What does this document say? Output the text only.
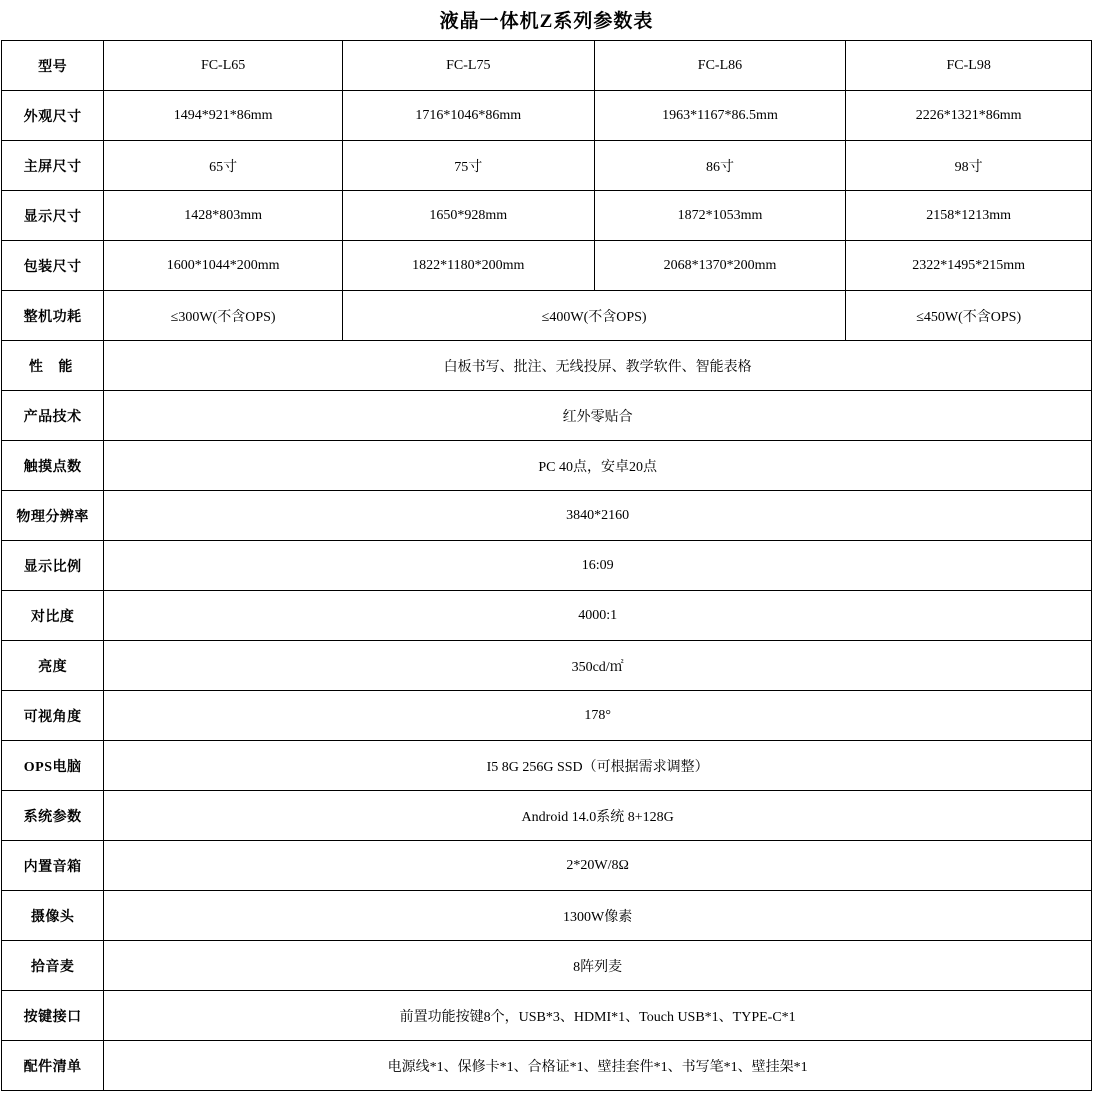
液晶一体机Z系列参数表
型号	FC-L65	FC-L75	FC-L86	FC-L98
外观尺寸	1494*921*86mm	1716*1046*86mm	1963*1167*86.5mm	2226*1321*86mm
主屏尺寸	65寸	75寸	86寸	98寸
显示尺寸	1428*803mm	1650*928mm	1872*1053mm	2158*1213mm
包装尺寸	1600*1044*200mm	1822*1180*200mm	2068*1370*200mm	2322*1495*215mm
整机功耗	≤300W(不含OPS)	≤400W(不含OPS)		≤450W(不含OPS)
性 能	白板书写、批注、无线投屏、教学软件、智能表格			
产品技术	红外零贴合			
触摸点数	PC 40点，安卓20点			
物理分辨率	3840*2160			
显示比例	16:09			
对比度	4000:1			
亮度	350cd/㎡			
可视角度	178°			
OPS电脑	I5 8G 256G SSD（可根据需求调整）			
系统参数	Android 14.0系统 8+128G			
内置音箱	2*20W/8Ω			
摄像头	1300W像素			
拾音麦	8阵列麦			
按键接口	前置功能按键8个，USB*3、HDMI*1、Touch USB*1、TYPE-C*1			
配件清单	电源线*1、保修卡*1、合格证*1、壁挂套件*1、书写笔*1、壁挂架*1			
